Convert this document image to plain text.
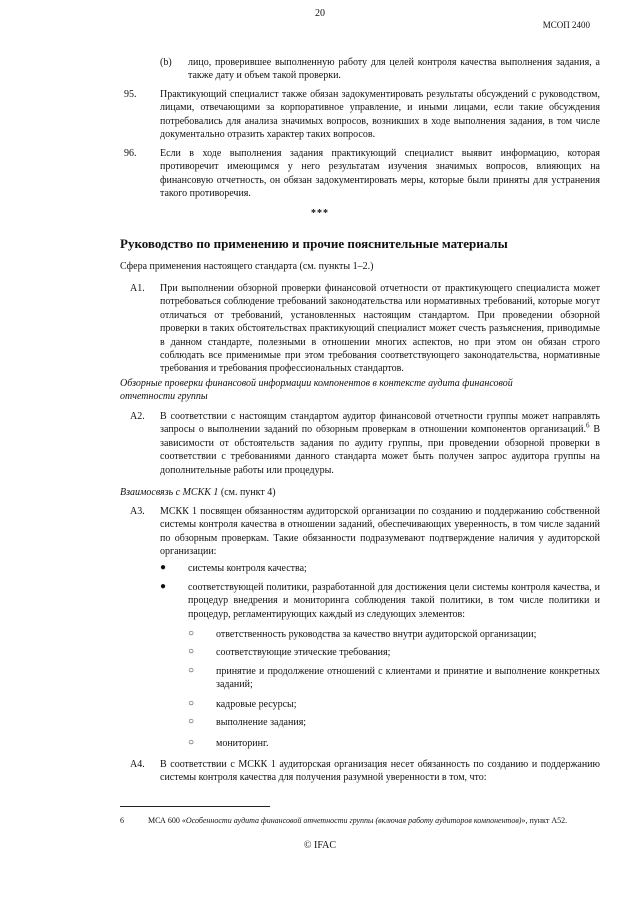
20
МСОП 2400
(b) лицо, проверившее выполненную работу для целей контроля качества выполнения задания, а также дату и объем такой проверки.
95. Практикующий специалист также обязан задокументировать результаты обсуждений с руководством, лицами, отвечающими за корпоративное управление, и иными лицами, если такие обсуждения потребовались для анализа значимых вопросов, возникших в ходе выполнения задания, в том числе документально отразить характер таких вопросов.
96. Если в ходе выполнения задания практикующий специалист выявит информацию, которая противоречит имеющимся у него результатам изучения значимых вопросов, влияющих на финансовую отчетность, он обязан задокументировать меры, которые были приняты для устранения такого противоречия.
***
Руководство по применению и прочие пояснительные материалы
Сфера применения настоящего стандарта (см. пункты 1–2.)
A1. При выполнении обзорной проверки финансовой отчетности от практикующего специалиста может потребоваться соблюдение требований законодательства или нормативных требований, которые могут отличаться от требований, установленных настоящим стандартом. При проведении обзорной проверки в таких обстоятельствах практикующий специалист может счесть разъяснения, приводимые в данном стандарте, полезными в отношении многих аспектов, но при этом он обязан строго соблюдать все применимые при этом требования соответствующего законодательства, нормативные требования и требования профессиональных стандартов.
Обзорные проверки финансовой информации компонентов в контексте аудита финансовой отчетности группы
A2. В соответствии с настоящим стандартом аудитор финансовой отчетности группы может направлять запросы о выполнении заданий по обзорным проверкам в отношении компонентов организаций.$^6$ В зависимости от обстоятельств задания по аудиту группы, при проведении обзорной проверки в соответствии с требованиями данного стандарта может быть получен запрос аудитора группы на дополнительные работы или процедуры.
Взаимосвязь с МСКК 1 (см. пункт 4)
A3. МСКК 1 посвящен обязанностям аудиторской организации по созданию и поддержанию собственной системы контроля качества в отношении заданий, обеспечивающих уверенность, в том числе заданий по обзорным проверкам. Такие обязанности подразумевают подтверждение наличия у аудиторской организации:
● системы контроля качества;
● соответствующей политики, разработанной для достижения цели системы контроля качества, и процедур внедрения и мониторинга соблюдения такой политики, в том числе политики и процедур, регламентирующих каждый из следующих элементов:
○ ответственность руководства за качество внутри аудиторской организации;
○ соответствующие этические требования;
○ принятие и продолжение отношений с клиентами и принятие и выполнение конкретных заданий;
○ кадровые ресурсы;
○ выполнение задания;
○ мониторинг.
A4. В соответствии с МСКК 1 аудиторская организация несет обязанность по созданию и поддержанию системы контроля качества для получения разумной уверенности в том, что:
6	МСА 600 «Особенности аудита финансовой отчетности группы (включая работу аудиторов компонентов)», пункт А52.
© IFAC
